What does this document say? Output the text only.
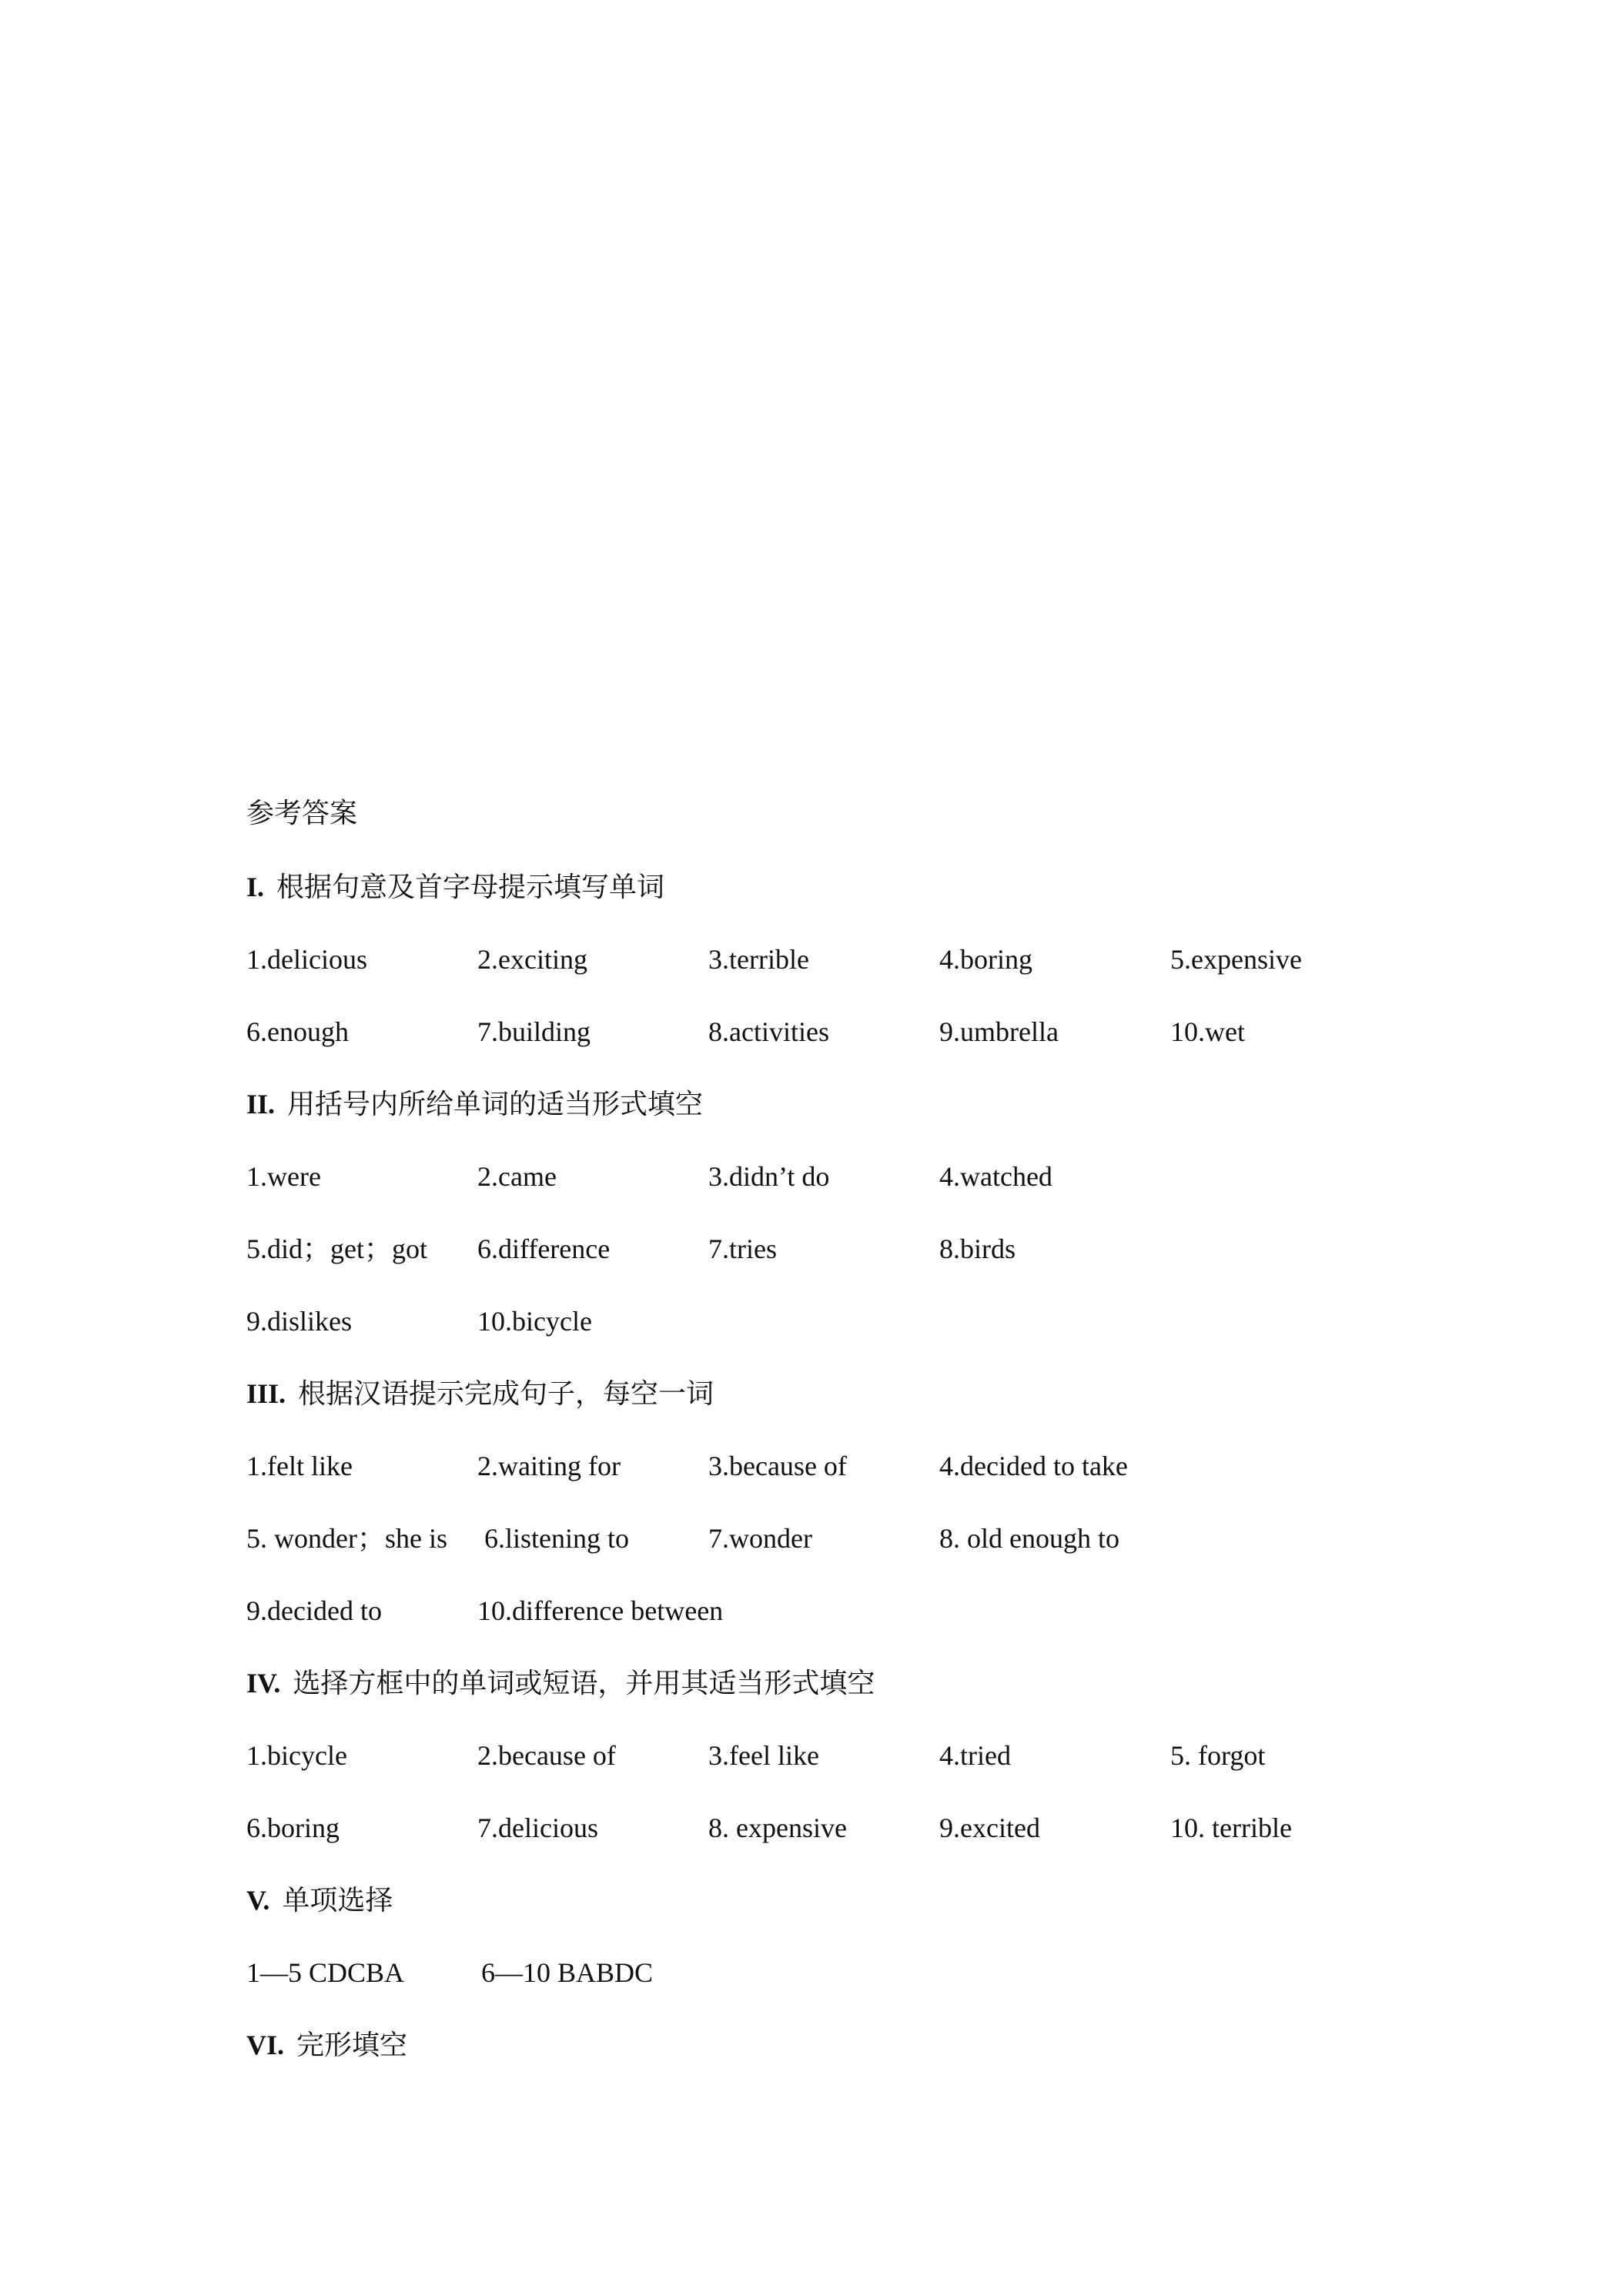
参考答案
I. 根据句意及首字母提示填写单词
1.delicious	2.exciting	3.terrible	4.boring	5.expensive
6.enough	7.building	8.activities	9.umbrella	10.wet
II. 用括号内所给单词的适当形式填空
1.were	2.came	3.didn’t do	4.watched
5.did；get；got	6.difference	7.tries	8.birds
9.dislikes	10.bicycle
III. 根据汉语提示完成句子，每空一词
1.felt like	2.waiting for	3.because of	4.decided to take
5. wonder；she is	6.listening to	7.wonder	8. old enough to
9.decided to	10.difference between
IV. 选择方框中的单词或短语，并用其适当形式填空
1.bicycle	2.because of	3.feel like	4.tried	5. forgot
6.boring	7.delicious	8. expensive	9.excited	10. terrible
V. 单项选择
1—5 CDCBA	6—10 BABDC
VI. 完形填空
